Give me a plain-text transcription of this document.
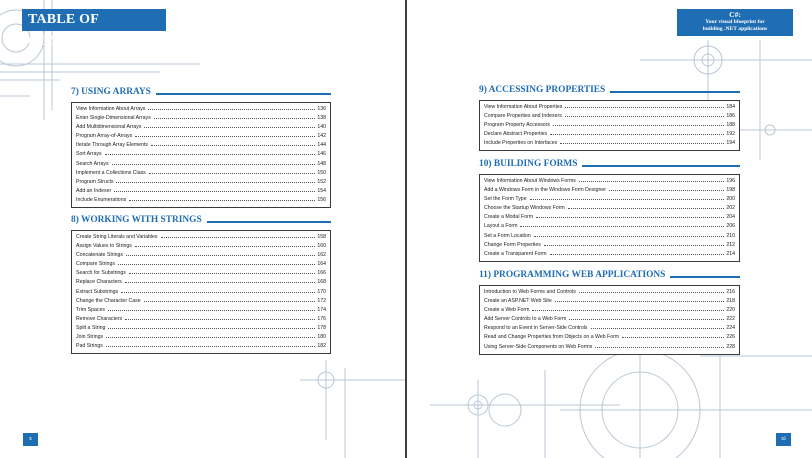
TABLE OF CONTENTS
C#:
Your visual blueprint for
building .NET applications
x	xi
7) USING ARRAYS
View Information About Arrays	136
Enter Single-Dimensional Arrays	138
Add Multidimensional Arrays	140
Program Array-of-Arrays	142
Iterate Through Array Elements	144
Sort Arrays	146
Search Arrays	148
Implement a Collections Class	150
Program Structs	152
Add an Indexer	154
Include Enumerations	156
8) WORKING WITH STRINGS
Create String Literals and Variables	158
Assign Values to Strings	160
Concatenate Strings	162
Compare Strings	164
Search for Substrings	166
Replace Characters	168
Extract Substrings	170
Change the Character Case	172
Trim Spaces	174
Remove Characters	176
Split a String	178
Join Strings	180
Pad Strings	182
9) ACCESSING PROPERTIES
View Information About Properties	184
Compare Properties and Indexers	186
Program Property Accessors	188
Declare Abstract Properties	192
Include Properties on Interfaces	194
10) BUILDING FORMS
View Information About Windows Forms	196
Add a Windows Form in the Windows Form Designer	198
Set the Form Type	200
Choose the Startup Windows Form	202
Create a Modal Form	204
Layout a Form	206
Set a Form Location	210
Change Form Properties	212
Create a Transparent Form	214
11) PROGRAMMING WEB APPLICATIONS
Introduction to Web Forms and Controls	216
Create an ASP.NET Web Site	218
Create a Web Form	220
Add Server Controls to a Web Form	222
Respond to an Event in Server-Side Controls	224
Read and Change Properties from Objects on a Web Form	226
Using Server-Side Components on Web Forms	228
